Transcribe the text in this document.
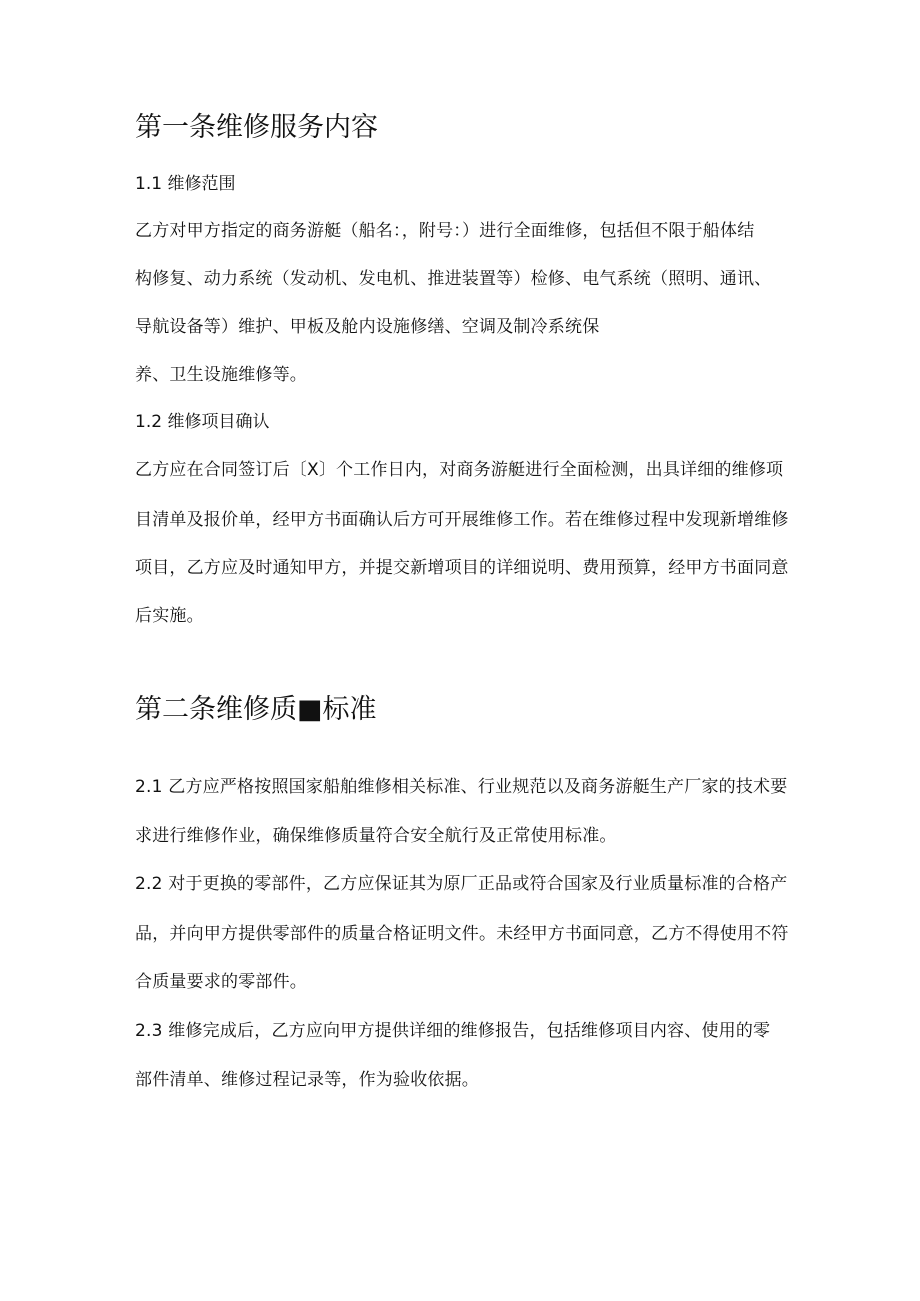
第一条维修服务内容
1.1 维修范围
乙方对甲方指定的商务游艇（船名：，附号：）进行全面维修，包括但不限于船体结
构修复、动力系统（发动机、发电机、推进装置等）检修、电气系统（照明、通讯、
导航设备等）维护、甲板及舱内设施修缮、空调及制冷系统保
养、卫生设施维修等。
1.2 维修项目确认
乙方应在合同签订后〔X〕个工作日内，对商务游艇进行全面检测，出具详细的维修项
目清单及报价单，经甲方书面确认后方可开展维修工作。若在维修过程中发现新增维修
项目，乙方应及时通知甲方，并提交新增项目的详细说明、费用预算，经甲方书面同意
后实施。
第二条维修质■标准
2.1 乙方应严格按照国家船舶维修相关标准、行业规范以及商务游艇生产厂家的技术要
求进行维修作业，确保维修质量符合安全航行及正常使用标准。
2.2 对于更换的零部件，乙方应保证其为原厂正品或符合国家及行业质量标准的合格产
品，并向甲方提供零部件的质量合格证明文件。未经甲方书面同意，乙方不得使用不符
合质量要求的零部件。
2.3 维修完成后，乙方应向甲方提供详细的维修报告，包括维修项目内容、使用的零
部件清单、维修过程记录等，作为验收依据。
